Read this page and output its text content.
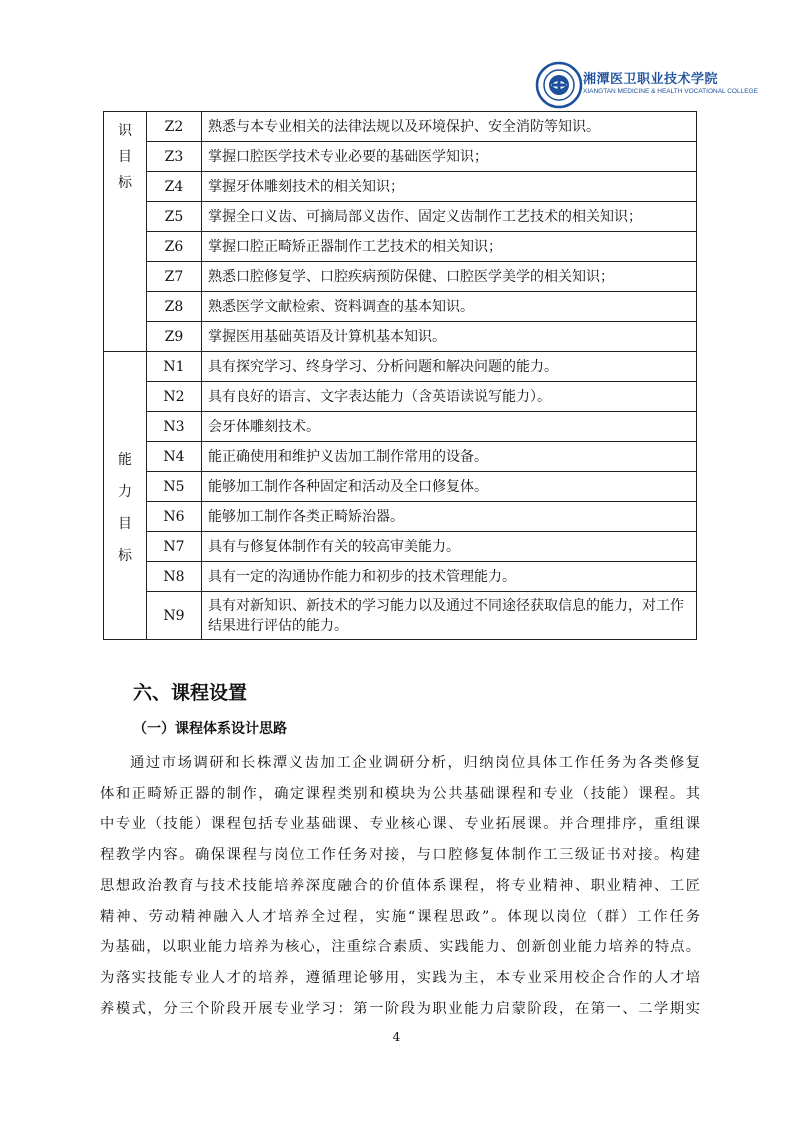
湘潭医卫职业技术学院
XIANGTAN MEDICINE & HEALTH VOCATIONAL COLLEGE
识
目
标	Z2	熟悉与本专业相关的法律法规以及环境保护、安全消防等知识。
	Z3	掌握口腔医学技术专业必要的基础医学知识；
	Z4	掌握牙体雕刻技术的相关知识；
	Z5	掌握全口义齿、可摘局部义齿作、固定义齿制作工艺技术的相关知识；
	Z6	掌握口腔正畸矫正器制作工艺技术的相关知识；
	Z7	熟悉口腔修复学、口腔疾病预防保健、口腔医学美学的相关知识；
	Z8	熟悉医学文献检索、资料调查的基本知识。
	Z9	掌握医用基础英语及计算机基本知识。

能
力
目
标	N1	具有探究学习、终身学习、分析问题和解决问题的能力。
	N2	具有良好的语言、文字表达能力（含英语读说写能力）。
	N3	会牙体雕刻技术。
	N4	能正确使用和维护义齿加工制作常用的设备。
	N5	能够加工制作各种固定和活动及全口修复体。
	N6	能够加工制作各类正畸矫治器。
	N7	具有与修复体制作有关的较高审美能力。
	N8	具有一定的沟通协作能力和初步的技术管理能力。
	N9	具有对新知识、新技术的学习能力以及通过不同途径获取信息的能力，对工作结果进行评估的能力。
六、课程设置
（一）课程体系设计思路
通过市场调研和长株潭义齿加工企业调研分析，归纳岗位具体工作任务为各类修复
体和正畸矫正器的制作，确定课程类别和模块为公共基础课程和专业（技能）课程。其
中专业（技能）课程包括专业基础课、专业核心课、专业拓展课。并合理排序，重组课
程教学内容。确保课程与岗位工作任务对接，与口腔修复体制作工三级证书对接。构建
思想政治教育与技术技能培养深度融合的价值体系课程，将专业精神、职业精神、工匠
精神、劳动精神融入人才培养全过程，实施“课程思政”。体现以岗位（群）工作任务
为基础，以职业能力培养为核心，注重综合素质、实践能力、创新创业能力培养的特点。
为落实技能专业人才的培养，遵循理论够用，实践为主，本专业采用校企合作的人才培
养模式，分三个阶段开展专业学习：第一阶段为职业能力启蒙阶段，在第一、二学期实
4
